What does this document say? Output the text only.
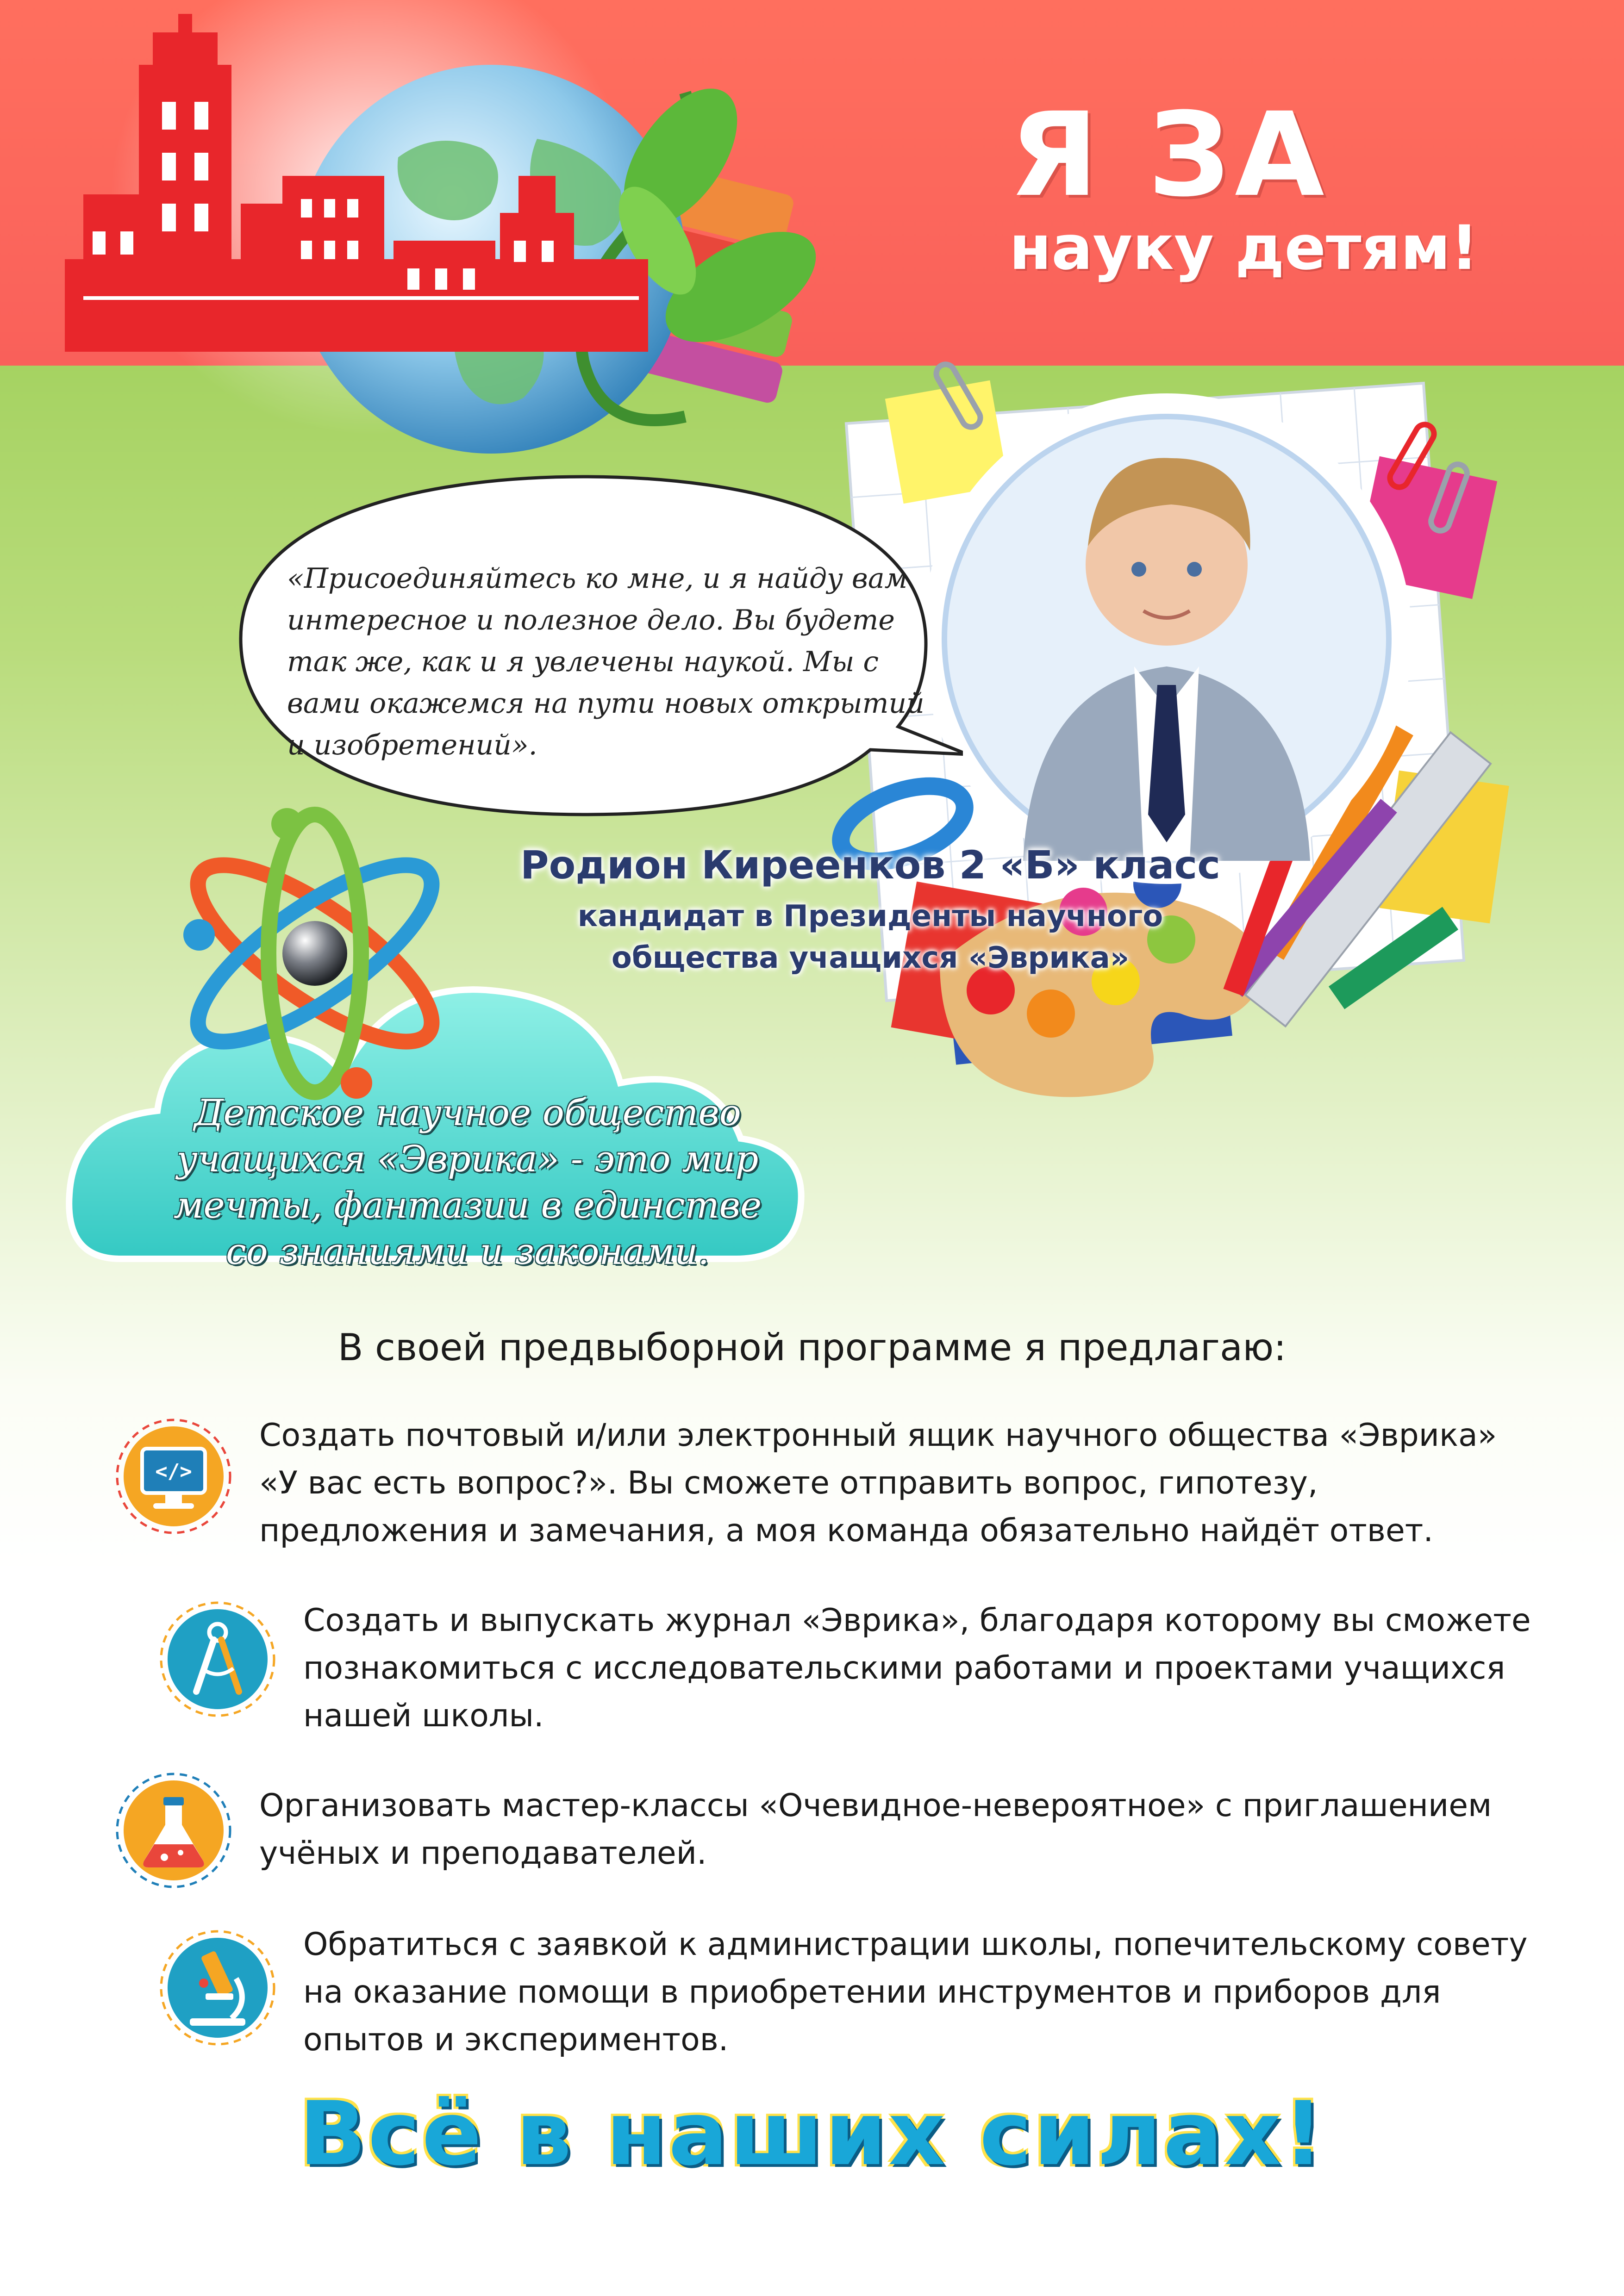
Я ЗА
науку детям!
«Присоединяйтесь ко мне, и я найду вам интересное и полезное дело. Вы будете так же, как и я увлечены наукой. Мы с вами окажемся на пути новых открытий и изобретений».
Родион Киреенков 2 «Б» класс
кандидат в Президенты научного
общества учащихся «Эврика»
Детское научное общество учащихся «Эврика» - это мир мечты, фантазии в единстве со знаниями и законами.
В своей предвыборной программе я предлагаю:
</>
Создать почтовый и/или электронный ящик научного общества «Эврика» «У вас есть вопрос?». Вы сможете отправить вопрос, гипотезу, предложения и замечания, а моя команда обязательно найдёт ответ.
Создать и выпускать журнал «Эврика», благодаря которому вы сможете познакомиться с исследовательскими работами и проектами учащихся нашей школы.
Организовать мастер-классы «Очевидное-невероятное» с приглашением учёных и преподавателей.
Обратиться с заявкой к администрации школы, попечительскому совету на оказание помощи в приобретении инструментов и приборов для опытов и экспериментов.
Всё в наших силах!
